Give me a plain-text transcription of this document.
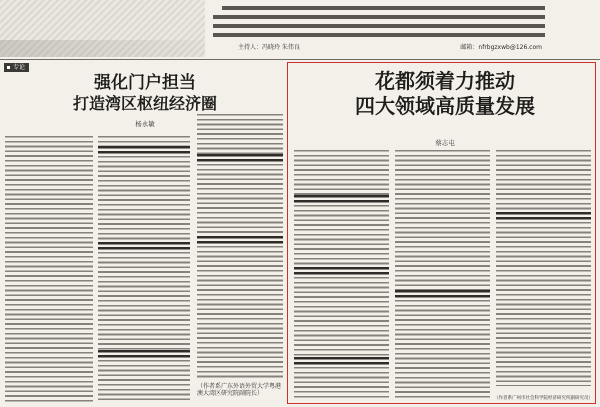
主持人：冯晓玲 朱伟良	邮箱：nfrbgzxwb@126.com
专论
强化门户担当
打造湾区枢纽经济圈
杨永敏
（作者系广东外语外贸大学粤港澳大湾区研究院副院长）
花都须着力推动
四大领域高质量发展
蔡志屯
（作者系广州市社会科学院经济研究所副研究员）
